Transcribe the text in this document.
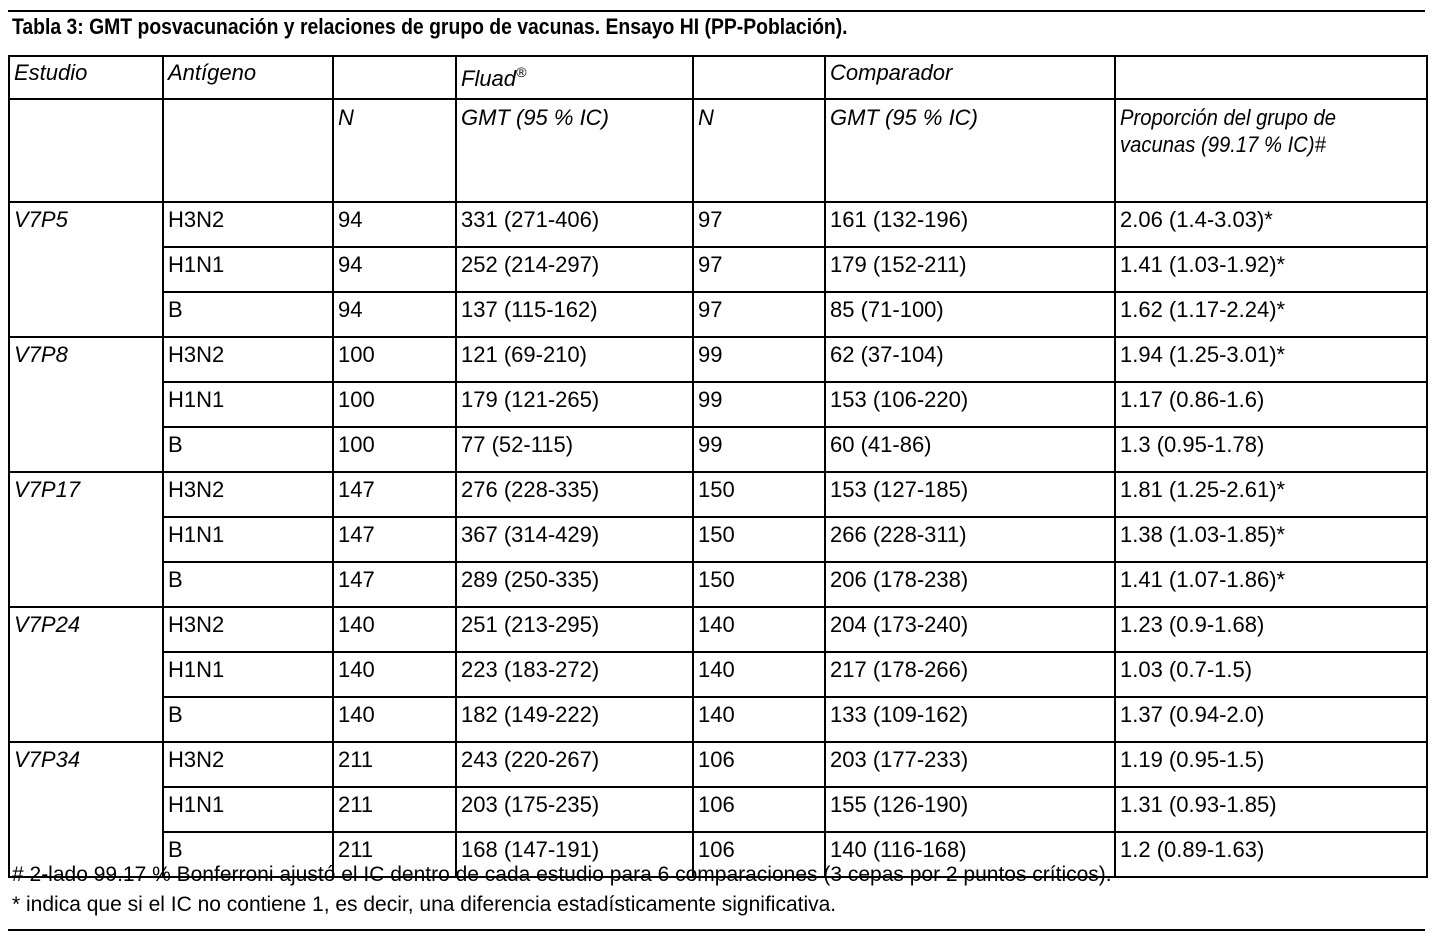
Tabla 3: GMT posvacunación y relaciones de grupo de vacunas. Ensayo HI (PP-Población).
Estudio	Antígeno		Fluad®		Comparador	
		N	GMT (95 % IC)	N	GMT (95 % IC)	Proporción del grupo de vacunas (99.17 % IC)#

V7P5	H3N2	94	331 (271-406)	97	161 (132-196)	2.06 (1.4-3.03)*
	H1N1	94	252 (214-297)	97	179 (152-211)	1.41 (1.03-1.92)*
	B	94	137 (115-162)	97	85 (71-100)	1.62 (1.17-2.24)*
V7P8	H3N2	100	121 (69-210)	99	62 (37-104)	1.94 (1.25-3.01)*
	H1N1	100	179 (121-265)	99	153 (106-220)	1.17 (0.86-1.6)
	B	100	77 (52-115)	99	60 (41-86)	1.3 (0.95-1.78)
V7P17	H3N2	147	276 (228-335)	150	153 (127-185)	1.81 (1.25-2.61)*
	H1N1	147	367 (314-429)	150	266 (228-311)	1.38 (1.03-1.85)*
	B	147	289 (250-335)	150	206 (178-238)	1.41 (1.07-1.86)*
V7P24	H3N2	140	251 (213-295)	140	204 (173-240)	1.23 (0.9-1.68)
	H1N1	140	223 (183-272)	140	217 (178-266)	1.03 (0.7-1.5)
	B	140	182 (149-222)	140	133 (109-162)	1.37 (0.94-2.0)
V7P34	H3N2	211	243 (220-267)	106	203 (177-233)	1.19 (0.95-1.5)
	H1N1	211	203 (175-235)	106	155 (126-190)	1.31 (0.93-1.85)
	B	211	168 (147-191)	106	140 (116-168)	1.2 (0.89-1.63)
# 2-lado 99.17 % Bonferroni ajustó el IC dentro de cada estudio para 6 comparaciones (3 cepas por 2 puntos críticos).
* indica que si el IC no contiene 1, es decir, una diferencia estadísticamente significativa.
